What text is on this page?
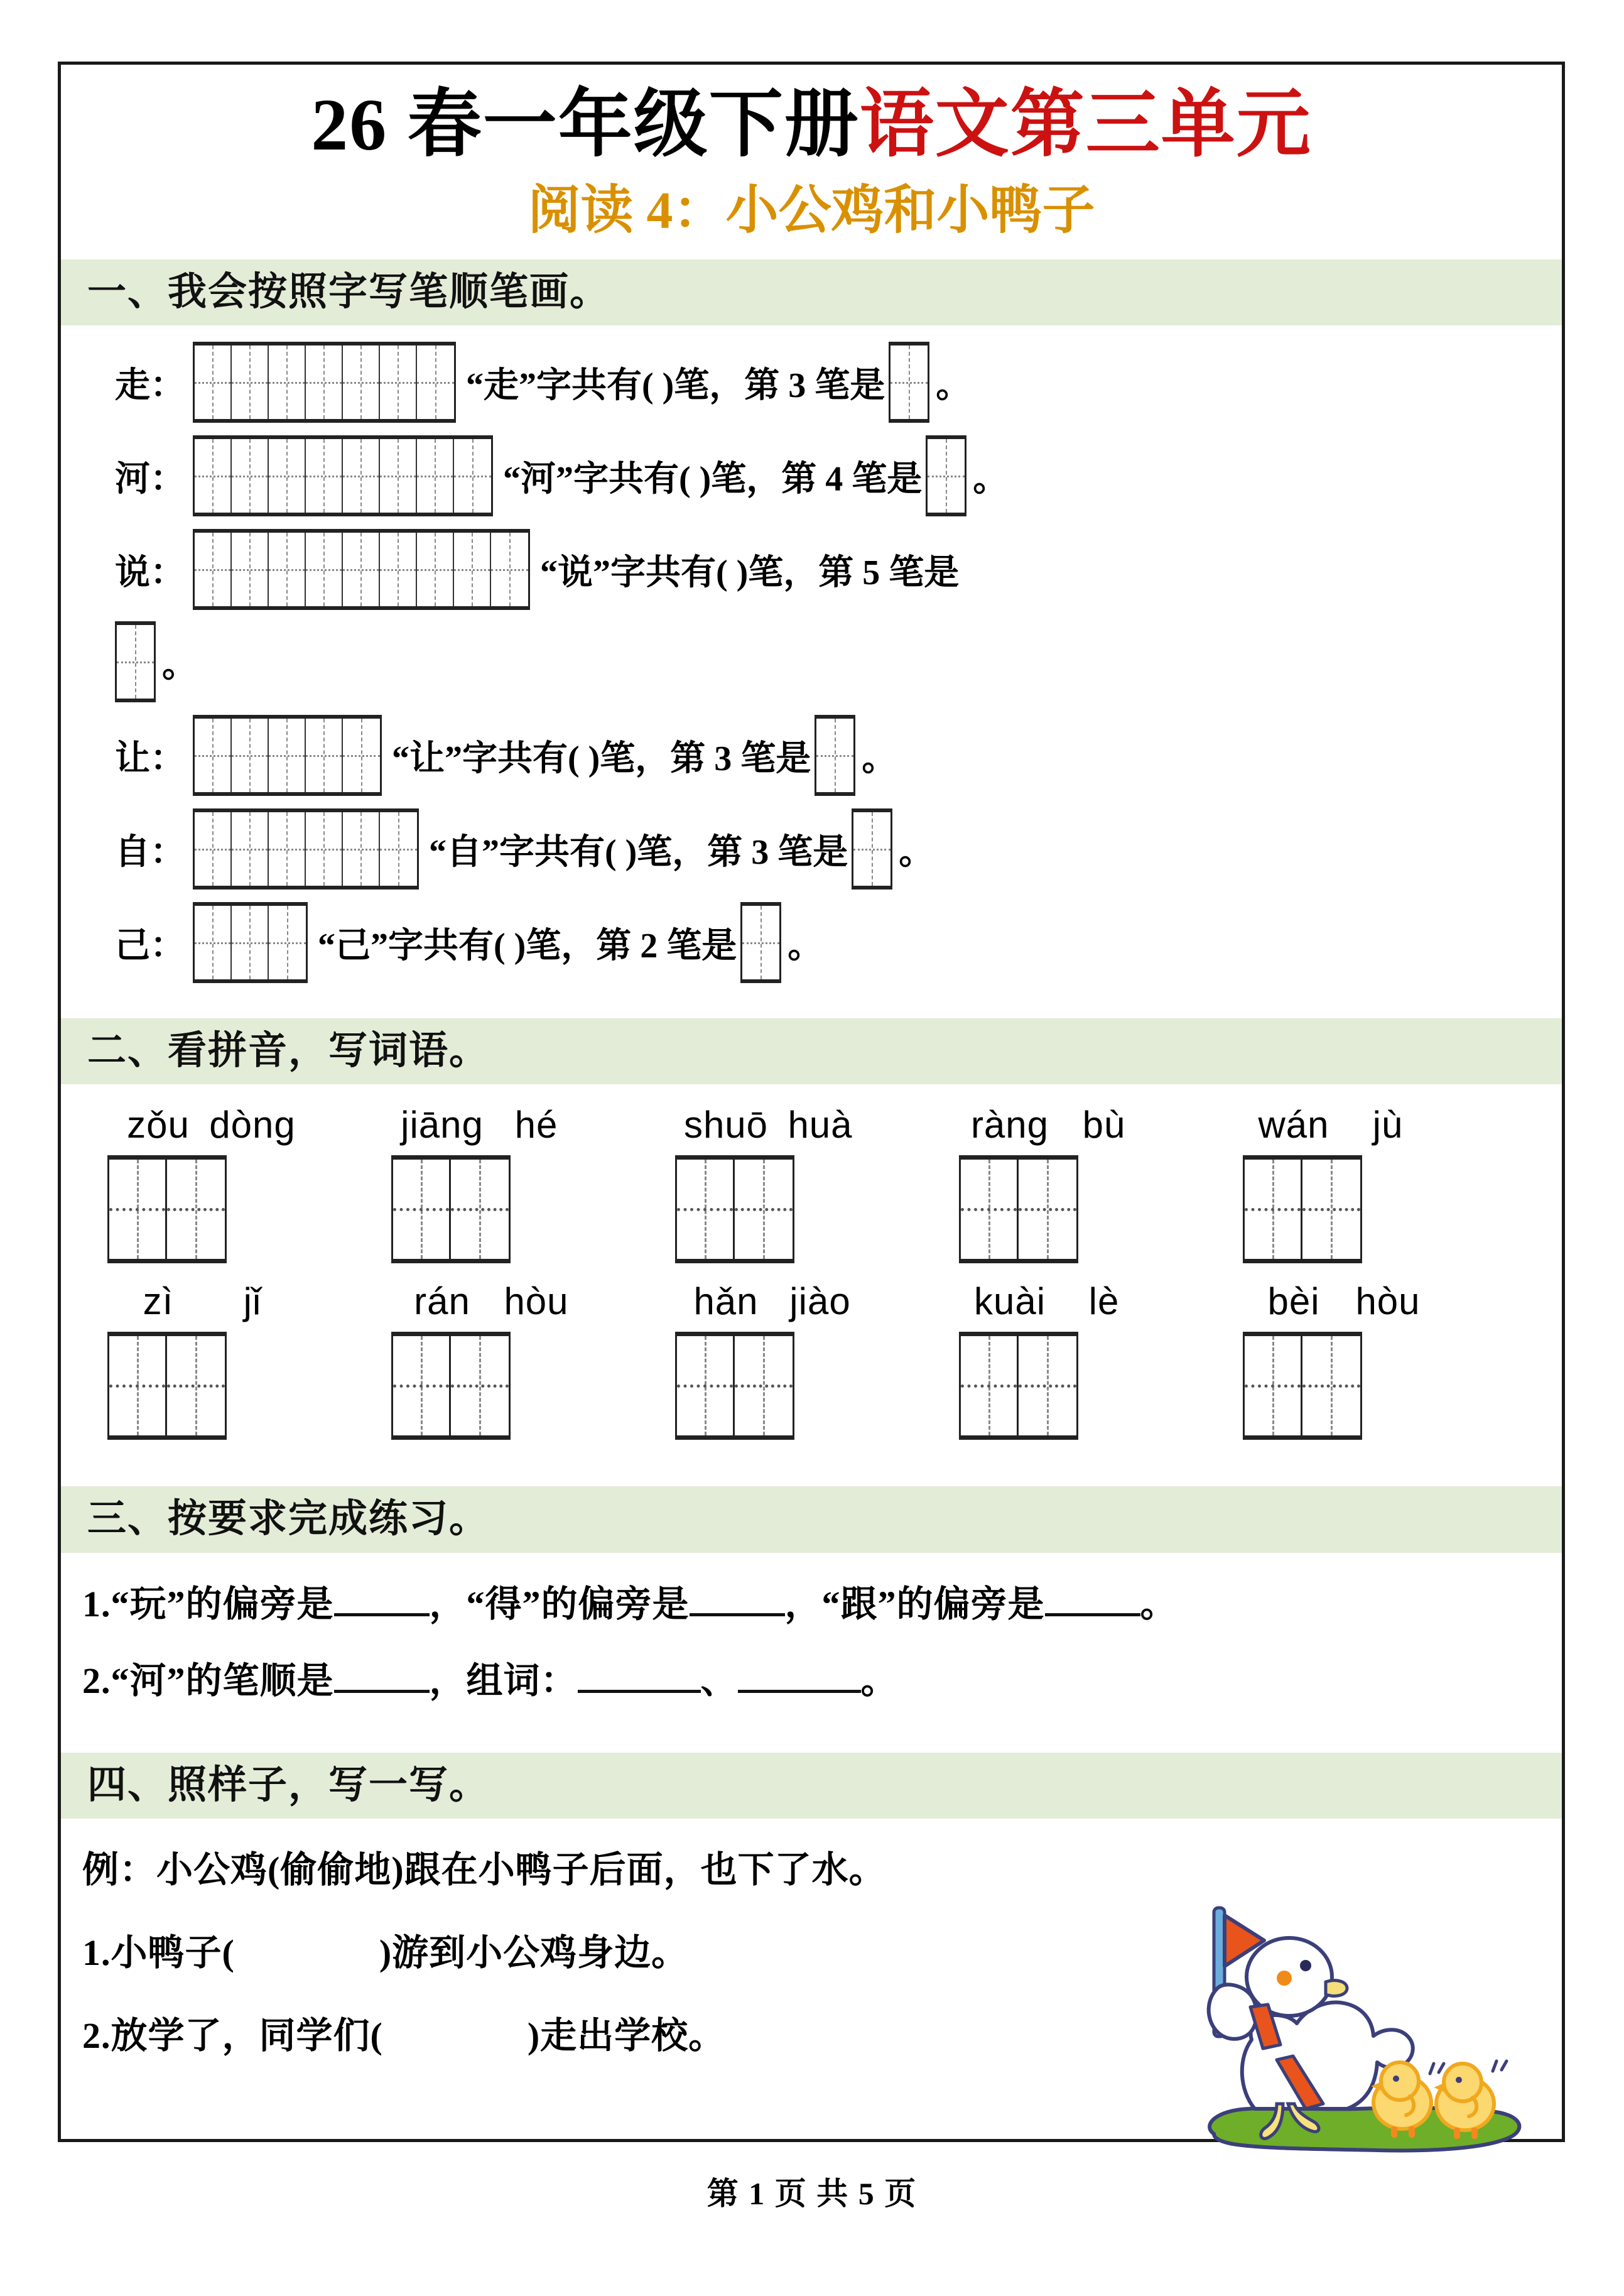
26 春一年级下册语文第三单元
阅读 4：小公鸡和小鸭子
一、我会按照字写笔顺笔画。
走：	“走”字共有( )笔，第 3 笔是 。
河：	“河”字共有( )笔，第 4 笔是 。
说：	“说”字共有( )笔，第 5 笔是
。
让：	“让”字共有( )笔，第 3 笔是 。
自：	“自”字共有( )笔，第 3 笔是 。
己：	“己”字共有( )笔，第 2 笔是 。
二、看拼音，写词语。
zǒu dòng	jiāng hé	shuō huà	ràng bù	wán jù
zì jǐ	rán hòu	hǎn jiào	kuài lè	bèi hòu
三、按要求完成练习。
1.“玩”的偏旁是	，“得”的偏旁是	，“跟”的偏旁是	。
2.“河”的笔顺是	，组词：	、	。
四、照样子，写一写。
例：小公鸡(偷偷地)跟在小鸭子后面，也下了水。
1.小鸭子(	)游到小公鸡身边。
2.放学了，同学们(	)走出学校。
第 1 页 共 5 页
